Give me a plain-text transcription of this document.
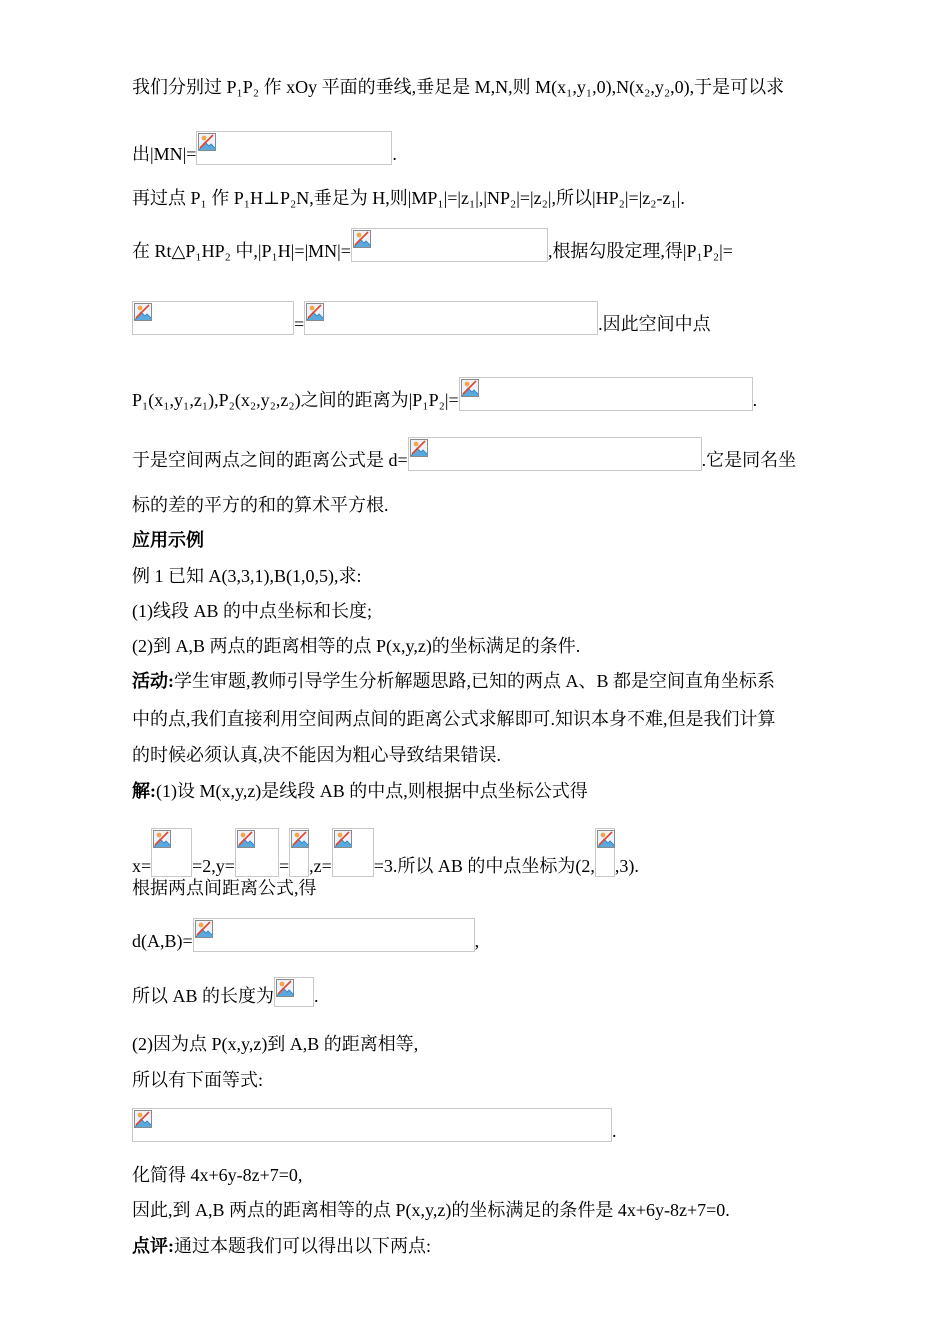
我们分别过 P₁P₂ 作 xOy 平面的垂线,垂足是 M,N,则 M(x₁,y₁,0),N(x₂,y₂,0),于是可以求
出|MN|=	.
再过点 P₁ 作 P₁H⊥P₂N,垂足为 H,则|MP₁|=|z₁|,|NP₂|=|z₂|,所以|HP₂|=|z₂-z₁|.
在 Rt△P₁HP₂ 中,|P₁H|=|MN|=	,根据勾股定理,得|P₁P₂|=
=	.因此空间中点
P₁(x₁,y₁,z₁),P₂(x₂,y₂,z₂)之间的距离为|P₁P₂|=	.
于是空间两点之间的距离公式是 d=	.它是同名坐
标的差的平方的和的算术平方根.
应用示例
例 1 已知 A(3,3,1),B(1,0,5),求:
(1)线段 AB 的中点坐标和长度;
(2)到 A,B 两点的距离相等的点 P(x,y,z)的坐标满足的条件.
活动:学生审题,教师引导学生分析解题思路,已知的两点 A、B 都是空间直角坐标系
中的点,我们直接利用空间两点间的距离公式求解即可.知识本身不难,但是我们计算
的时候必须认真,决不能因为粗心导致结果错误.
解:(1)设 M(x,y,z)是线段 AB 的中点,则根据中点坐标公式得
x= =2,y= = ,z= =3.所以 AB 的中点坐标为(2, ,3).
根据两点间距离公式,得
d(A,B)=	,
所以 AB 的长度为 .
(2)因为点 P(x,y,z)到 A,B 的距离相等,
所以有下面等式:
.
化简得 4x+6y-8z+7=0,
因此,到 A,B 两点的距离相等的点 P(x,y,z)的坐标满足的条件是 4x+6y-8z+7=0.
点评:通过本题我们可以得出以下两点:
